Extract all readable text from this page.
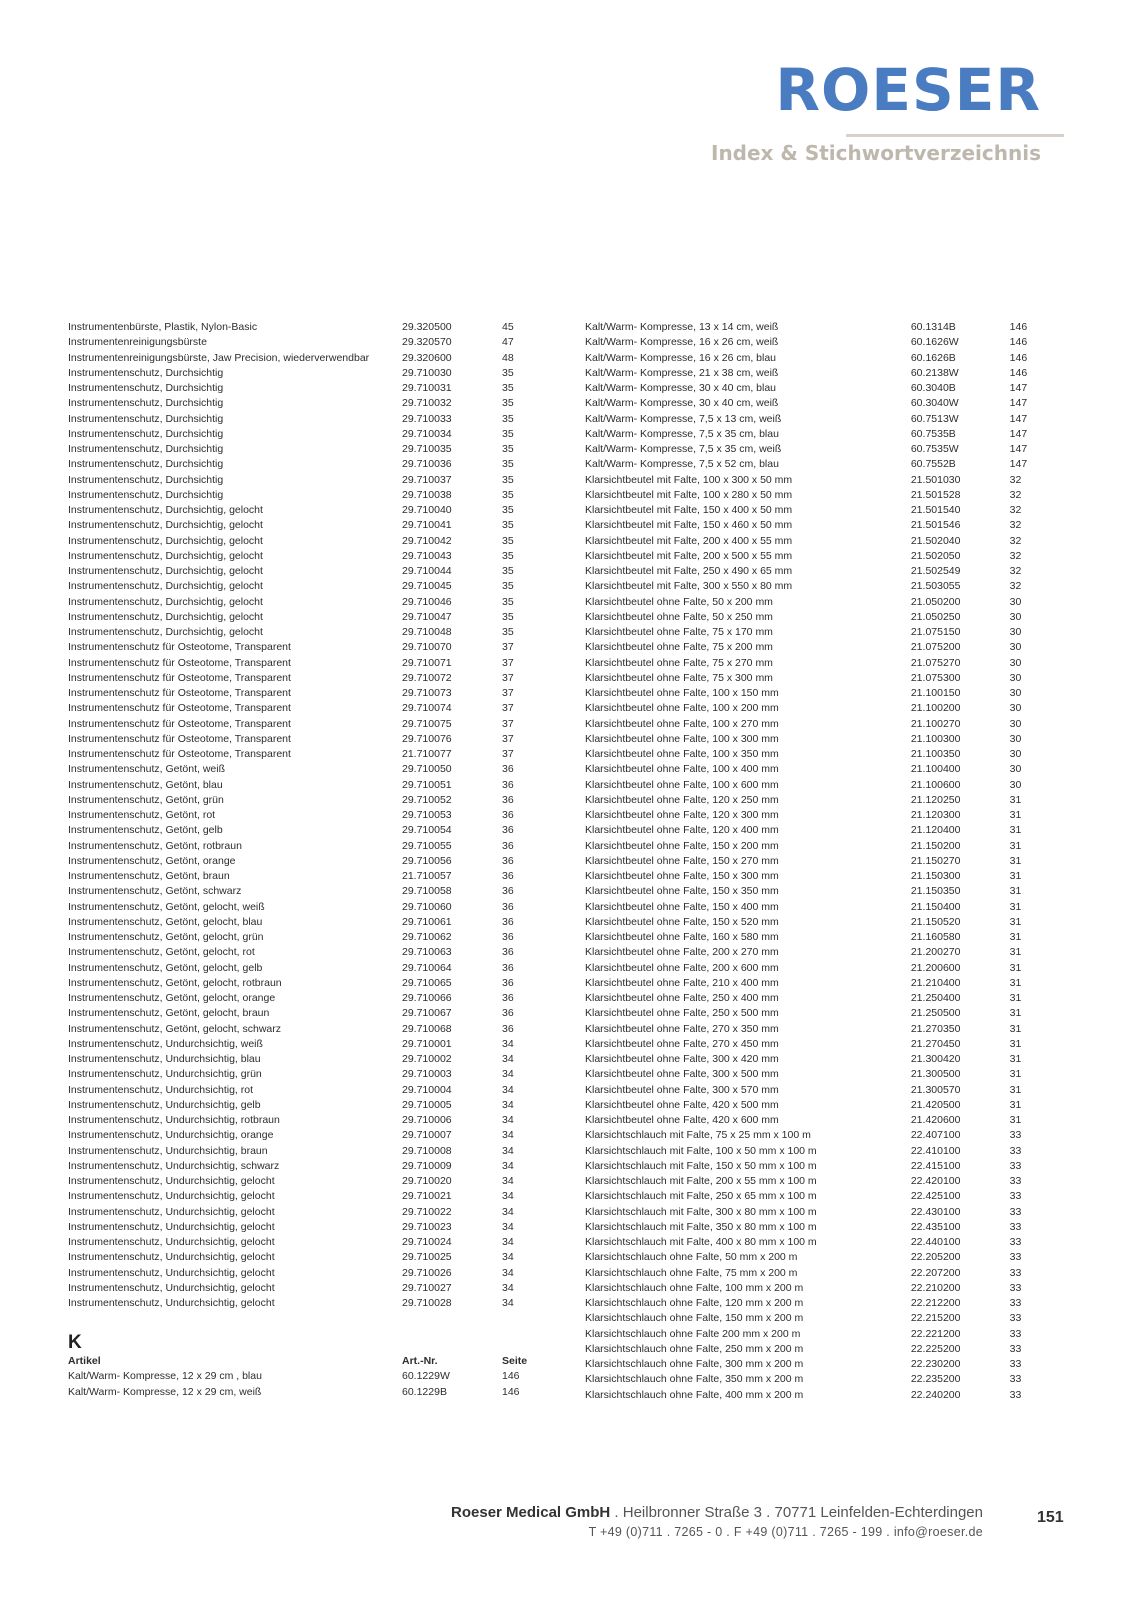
ROESER
Index & Stichwortverzeichnis
Instrumentenbürste, Plastik, Nylon-Basic	29.320500	45
Instrumentenreinigungsbürste	29.320570	47
Instrumentenreinigungsbürste, Jaw Precision, wiederverwendbar	29.320600	48
Instrumentenschutz, Durchsichtig	29.710030	35
Instrumentenschutz, Durchsichtig	29.710031	35
Instrumentenschutz, Durchsichtig	29.710032	35
Instrumentenschutz, Durchsichtig	29.710033	35
Instrumentenschutz, Durchsichtig	29.710034	35
Instrumentenschutz, Durchsichtig	29.710035	35
Instrumentenschutz, Durchsichtig	29.710036	35
Instrumentenschutz, Durchsichtig	29.710037	35
Instrumentenschutz, Durchsichtig	29.710038	35
Instrumentenschutz, Durchsichtig, gelocht	29.710040	35
Instrumentenschutz, Durchsichtig, gelocht	29.710041	35
Instrumentenschutz, Durchsichtig, gelocht	29.710042	35
Instrumentenschutz, Durchsichtig, gelocht	29.710043	35
Instrumentenschutz, Durchsichtig, gelocht	29.710044	35
Instrumentenschutz, Durchsichtig, gelocht	29.710045	35
Instrumentenschutz, Durchsichtig, gelocht	29.710046	35
Instrumentenschutz, Durchsichtig, gelocht	29.710047	35
Instrumentenschutz, Durchsichtig, gelocht	29.710048	35
Instrumentenschutz für Osteotome, Transparent	29.710070	37
Instrumentenschutz für Osteotome, Transparent	29.710071	37
Instrumentenschutz für Osteotome, Transparent	29.710072	37
Instrumentenschutz für Osteotome, Transparent	29.710073	37
Instrumentenschutz für Osteotome, Transparent	29.710074	37
Instrumentenschutz für Osteotome, Transparent	29.710075	37
Instrumentenschutz für Osteotome, Transparent	29.710076	37
Instrumentenschutz für Osteotome, Transparent	21.710077	37
Instrumentenschutz, Getönt, weiß	29.710050	36
Instrumentenschutz, Getönt, blau	29.710051	36
Instrumentenschutz, Getönt, grün	29.710052	36
Instrumentenschutz, Getönt, rot	29.710053	36
Instrumentenschutz, Getönt, gelb	29.710054	36
Instrumentenschutz, Getönt, rotbraun	29.710055	36
Instrumentenschutz, Getönt, orange	29.710056	36
Instrumentenschutz, Getönt, braun	21.710057	36
Instrumentenschutz, Getönt, schwarz	29.710058	36
Instrumentenschutz, Getönt, gelocht, weiß	29.710060	36
Instrumentenschutz, Getönt, gelocht, blau	29.710061	36
Instrumentenschutz, Getönt, gelocht, grün	29.710062	36
Instrumentenschutz, Getönt, gelocht, rot	29.710063	36
Instrumentenschutz, Getönt, gelocht, gelb	29.710064	36
Instrumentenschutz, Getönt, gelocht, rotbraun	29.710065	36
Instrumentenschutz, Getönt, gelocht, orange	29.710066	36
Instrumentenschutz, Getönt, gelocht, braun	29.710067	36
Instrumentenschutz, Getönt, gelocht, schwarz	29.710068	36
Instrumentenschutz, Undurchsichtig, weiß	29.710001	34
Instrumentenschutz, Undurchsichtig, blau	29.710002	34
Instrumentenschutz, Undurchsichtig, grün	29.710003	34
Instrumentenschutz, Undurchsichtig, rot	29.710004	34
Instrumentenschutz, Undurchsichtig, gelb	29.710005	34
Instrumentenschutz, Undurchsichtig, rotbraun	29.710006	34
Instrumentenschutz, Undurchsichtig, orange	29.710007	34
Instrumentenschutz, Undurchsichtig, braun	29.710008	34
Instrumentenschutz, Undurchsichtig, schwarz	29.710009	34
Instrumentenschutz, Undurchsichtig, gelocht	29.710020	34
Instrumentenschutz, Undurchsichtig, gelocht	29.710021	34
Instrumentenschutz, Undurchsichtig, gelocht	29.710022	34
Instrumentenschutz, Undurchsichtig, gelocht	29.710023	34
Instrumentenschutz, Undurchsichtig, gelocht	29.710024	34
Instrumentenschutz, Undurchsichtig, gelocht	29.710025	34
Instrumentenschutz, Undurchsichtig, gelocht	29.710026	34
Instrumentenschutz, Undurchsichtig, gelocht	29.710027	34
Instrumentenschutz, Undurchsichtig, gelocht	29.710028	34
K
Artikel	Art.-Nr.	Seite
Kalt/Warm- Kompresse, 12 x 29 cm , blau	60.1229W	146
Kalt/Warm- Kompresse, 12 x 29 cm, weiß	60.1229B	146
Kalt/Warm- Kompresse, 13 x 14 cm, weiß	60.1314B	146
Kalt/Warm- Kompresse, 16 x 26 cm, weiß	60.1626W	146
Kalt/Warm- Kompresse, 16 x 26 cm, blau	60.1626B	146
Kalt/Warm- Kompresse, 21 x 38 cm, weiß	60.2138W	146
Kalt/Warm- Kompresse, 30 x 40 cm, blau	60.3040B	147
Kalt/Warm- Kompresse, 30 x 40 cm, weiß	60.3040W	147
Kalt/Warm- Kompresse, 7,5 x 13 cm, weiß	60.7513W	147
Kalt/Warm- Kompresse, 7,5 x 35 cm, blau	60.7535B	147
Kalt/Warm- Kompresse, 7,5 x 35 cm, weiß	60.7535W	147
Kalt/Warm- Kompresse, 7,5 x 52 cm, blau	60.7552B	147
Klarsichtbeutel mit Falte, 100 x 300 x 50 mm	21.501030	32
Klarsichtbeutel mit Falte, 100 x 280 x 50 mm	21.501528	32
Klarsichtbeutel mit Falte, 150 x 400 x 50 mm	21.501540	32
Klarsichtbeutel mit Falte, 150 x 460 x 50 mm	21.501546	32
Klarsichtbeutel mit Falte, 200 x 400 x 55 mm	21.502040	32
Klarsichtbeutel mit Falte, 200 x 500 x 55 mm	21.502050	32
Klarsichtbeutel mit Falte, 250 x 490 x 65 mm	21.502549	32
Klarsichtbeutel mit Falte, 300 x 550 x 80 mm	21.503055	32
Klarsichtbeutel ohne Falte, 50 x 200 mm	21.050200	30
Klarsichtbeutel ohne Falte, 50 x 250 mm	21.050250	30
Klarsichtbeutel ohne Falte, 75 x 170 mm	21.075150	30
Klarsichtbeutel ohne Falte, 75 x 200 mm	21.075200	30
Klarsichtbeutel ohne Falte, 75 x 270 mm	21.075270	30
Klarsichtbeutel ohne Falte, 75 x 300 mm	21.075300	30
Klarsichtbeutel ohne Falte, 100 x 150 mm	21.100150	30
Klarsichtbeutel ohne Falte, 100 x 200 mm	21.100200	30
Klarsichtbeutel ohne Falte, 100 x 270 mm	21.100270	30
Klarsichtbeutel ohne Falte, 100 x 300 mm	21.100300	30
Klarsichtbeutel ohne Falte, 100 x 350 mm	21.100350	30
Klarsichtbeutel ohne Falte, 100 x 400 mm	21.100400	30
Klarsichtbeutel ohne Falte, 100 x 600 mm	21.100600	30
Klarsichtbeutel ohne Falte, 120 x 250 mm	21.120250	31
Klarsichtbeutel ohne Falte, 120 x 300 mm	21.120300	31
Klarsichtbeutel ohne Falte, 120 x 400 mm	21.120400	31
Klarsichtbeutel ohne Falte, 150 x 200 mm	21.150200	31
Klarsichtbeutel ohne Falte, 150 x 270 mm	21.150270	31
Klarsichtbeutel ohne Falte, 150 x 300 mm	21.150300	31
Klarsichtbeutel ohne Falte, 150 x 350 mm	21.150350	31
Klarsichtbeutel ohne Falte, 150 x 400 mm	21.150400	31
Klarsichtbeutel ohne Falte, 150 x 520 mm	21.150520	31
Klarsichtbeutel ohne Falte, 160 x 580 mm	21.160580	31
Klarsichtbeutel ohne Falte, 200 x 270 mm	21.200270	31
Klarsichtbeutel ohne Falte, 200 x 600 mm	21.200600	31
Klarsichtbeutel ohne Falte, 210 x 400 mm	21.210400	31
Klarsichtbeutel ohne Falte, 250 x 400 mm	21.250400	31
Klarsichtbeutel ohne Falte, 250 x 500 mm	21.250500	31
Klarsichtbeutel ohne Falte, 270 x 350 mm	21.270350	31
Klarsichtbeutel ohne Falte, 270 x 450 mm	21.270450	31
Klarsichtbeutel ohne Falte, 300 x 420 mm	21.300420	31
Klarsichtbeutel ohne Falte, 300 x 500 mm	21.300500	31
Klarsichtbeutel ohne Falte, 300 x 570 mm	21.300570	31
Klarsichtbeutel ohne Falte, 420 x 500 mm	21.420500	31
Klarsichtbeutel ohne Falte, 420 x 600 mm	21.420600	31
Klarsichtschlauch mit Falte, 75 x 25 mm x 100 m	22.407100	33
Klarsichtschlauch mit Falte, 100 x 50 mm x 100 m	22.410100	33
Klarsichtschlauch mit Falte, 150 x 50 mm x 100 m	22.415100	33
Klarsichtschlauch mit Falte, 200 x 55 mm x 100 m	22.420100	33
Klarsichtschlauch mit Falte, 250 x 65 mm x 100 m	22.425100	33
Klarsichtschlauch mit Falte, 300 x 80 mm x 100 m	22.430100	33
Klarsichtschlauch mit Falte, 350 x 80 mm x 100 m	22.435100	33
Klarsichtschlauch mit Falte, 400 x 80 mm x 100 m	22.440100	33
Klarsichtschlauch ohne Falte, 50 mm x 200 m	22.205200	33
Klarsichtschlauch ohne Falte, 75 mm x 200 m	22.207200	33
Klarsichtschlauch ohne Falte, 100 mm x 200 m	22.210200	33
Klarsichtschlauch ohne Falte, 120 mm x 200 m	22.212200	33
Klarsichtschlauch ohne Falte, 150 mm x 200 m	22.215200	33
Klarsichtschlauch ohne Falte 200 mm x 200 m	22.221200	33
Klarsichtschlauch ohne Falte, 250 mm x 200 m	22.225200	33
Klarsichtschlauch ohne Falte, 300 mm x 200 m	22.230200	33
Klarsichtschlauch ohne Falte, 350 mm x 200 m	22.235200	33
Klarsichtschlauch ohne Falte, 400 mm x 200 m	22.240200	33
Roeser Medical GmbH . Heilbronner Straße 3 . 70771 Leinfelden-Echterdingen
T +49 (0)711 . 7265 - 0 . F +49 (0)711 . 7265 - 199 . info@roeser.de
151
